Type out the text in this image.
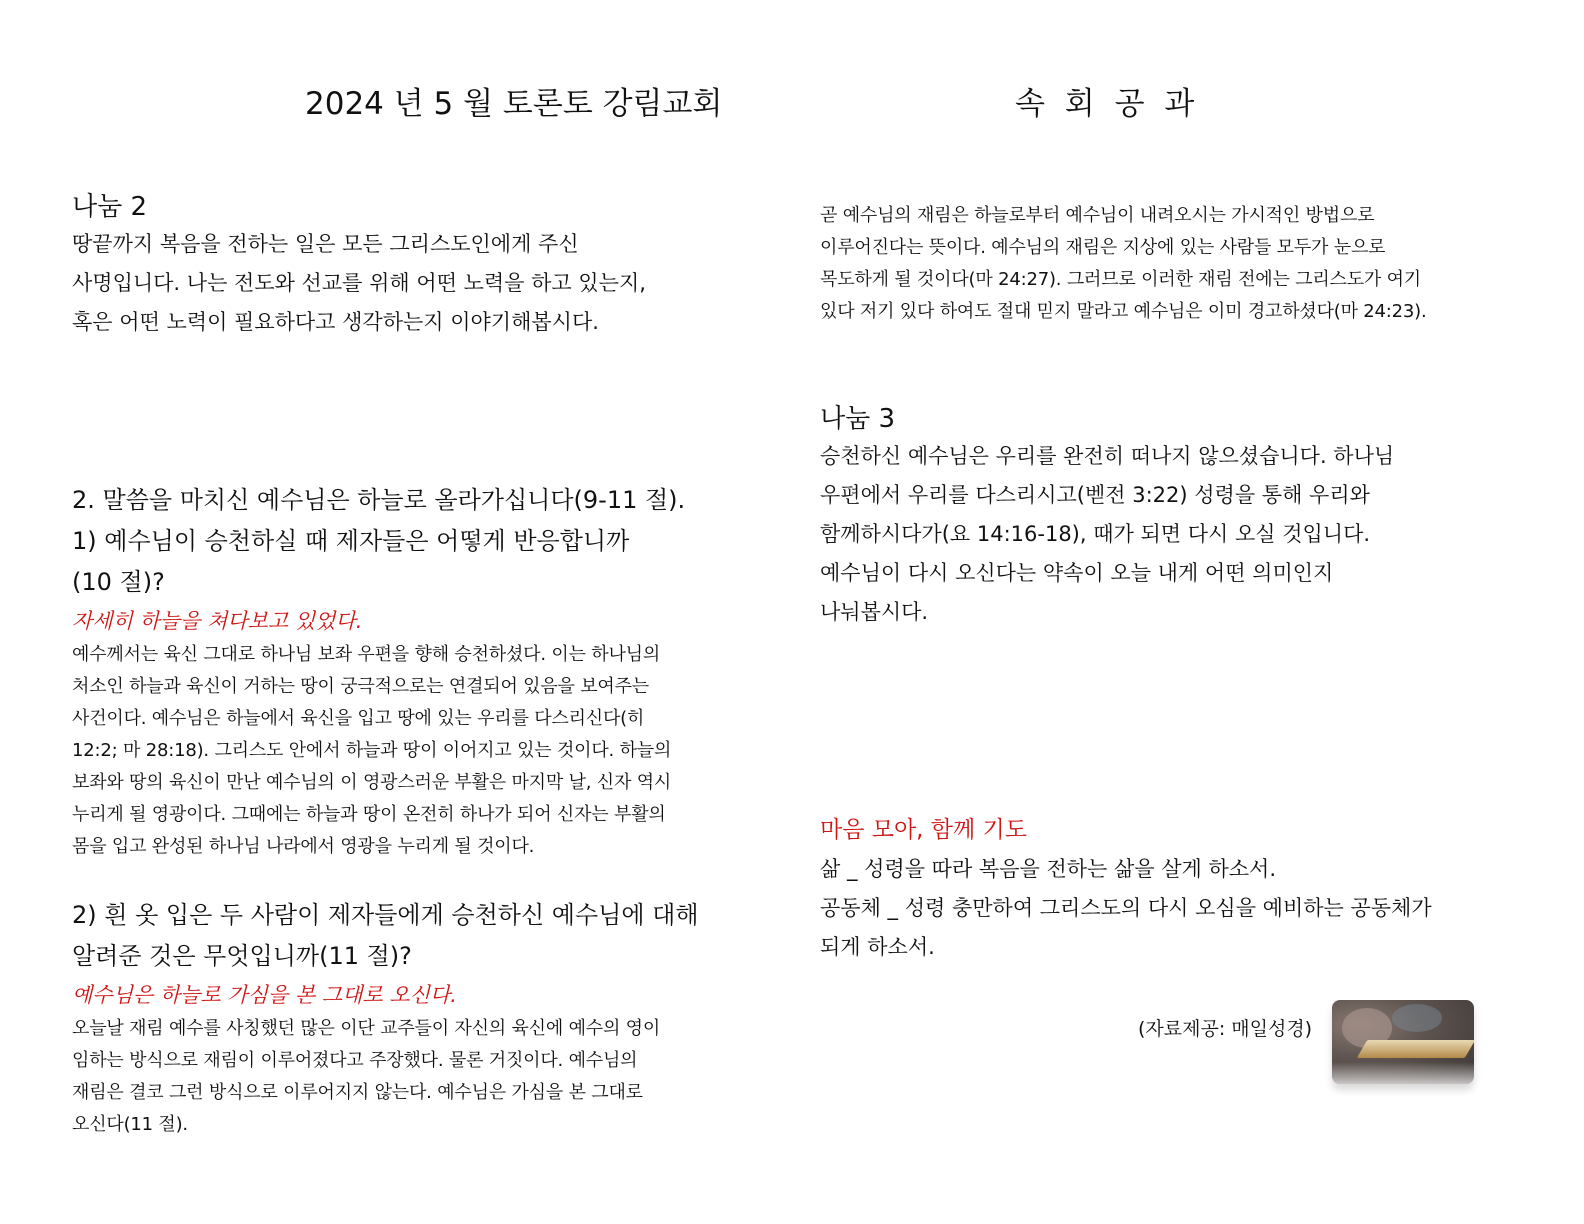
2024 년 5 월 토론토 강림교회	속 회 공 과
나눔 2

땅끝까지 복음을 전하는 일은 모든 그리스도인에게 주신

사명입니다. 나는 전도와 선교를 위해 어떤 노력을 하고 있는지,

혹은 어떤 노력이 필요하다고 생각하는지 이야기해봅시다.

2. 말씀을 마치신 예수님은 하늘로 올라가십니다(9-11 절).

1) 예수님이 승천하실 때 제자들은 어떻게 반응합니까

(10 절)?

자세히 하늘을 쳐다보고 있었다.

예수께서는 육신 그대로 하나님 보좌 우편을 향해 승천하셨다. 이는 하나님의

처소인 하늘과 육신이 거하는 땅이 궁극적으로는 연결되어 있음을 보여주는

사건이다. 예수님은 하늘에서 육신을 입고 땅에 있는 우리를 다스리신다(히

12:2; 마 28:18). 그리스도 안에서 하늘과 땅이 이어지고 있는 것이다. 하늘의

보좌와 땅의 육신이 만난 예수님의 이 영광스러운 부활은 마지막 날, 신자 역시

누리게 될 영광이다. 그때에는 하늘과 땅이 온전히 하나가 되어 신자는 부활의

몸을 입고 완성된 하나님 나라에서 영광을 누리게 될 것이다.

2) 흰 옷 입은 두 사람이 제자들에게 승천하신 예수님에 대해

알려준 것은 무엇입니까(11 절)?

예수님은 하늘로 가심을 본 그대로 오신다.

오늘날 재림 예수를 사칭했던 많은 이단 교주들이 자신의 육신에 예수의 영이

임하는 방식으로 재림이 이루어졌다고 주장했다. 물론 거짓이다. 예수님의

재림은 결코 그런 방식으로 이루어지지 않는다. 예수님은 가심을 본 그대로

오신다(11 절).

곧 예수님의 재림은 하늘로부터 예수님이 내려오시는 가시적인 방법으로

이루어진다는 뜻이다. 예수님의 재림은 지상에 있는 사람들 모두가 눈으로

목도하게 될 것이다(마 24:27). 그러므로 이러한 재림 전에는 그리스도가 여기

있다 저기 있다 하여도 절대 믿지 말라고 예수님은 이미 경고하셨다(마 24:23).

나눔 3

승천하신 예수님은 우리를 완전히 떠나지 않으셨습니다. 하나님

우편에서 우리를 다스리시고(벧전 3:22) 성령을 통해 우리와

함께하시다가(요 14:16-18), 때가 되면 다시 오실 것입니다.

예수님이 다시 오신다는 약속이 오늘 내게 어떤 의미인지

나눠봅시다.

마음 모아, 함께 기도

삶 _ 성령을 따라 복음을 전하는 삶을 살게 하소서.

공동체 _ 성령 충만하여 그리스도의 다시 오심을 예비하는 공동체가

되게 하소서.

(자료제공: 매일성경)
